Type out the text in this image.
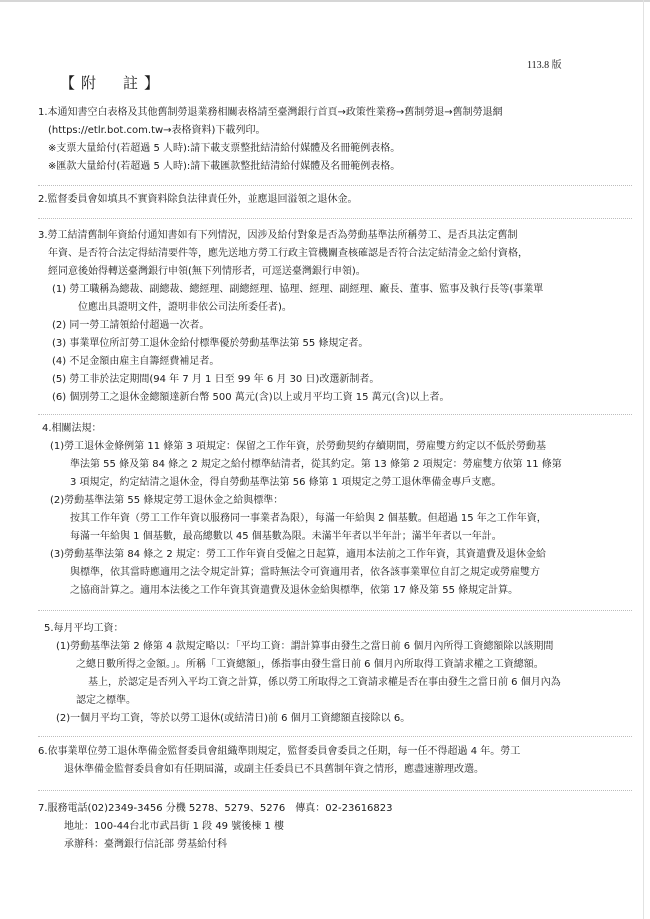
113.8 版
【附　註】
1.本通知書空白表格及其他舊制勞退業務相關表格請至臺灣銀行首頁→政策性業務→舊制勞退→舊制勞退網
(https://etlr.bot.com.tw→表格資料)下載列印。
※支票大量給付(若超過 5 人時):請下載支票整批結清給付媒體及名冊範例表格。
※匯款大量給付(若超過 5 人時):請下載匯款整批結清給付媒體及名冊範例表格。
2.監督委員會如填具不實資料除負法律責任外，並應退回溢領之退休金。
3.勞工結清舊制年資給付通知書如有下列情況，因涉及給付對象是否為勞動基準法所稱勞工、是否具法定舊制
年資、是否符合法定得結清要件等，應先送地方勞工行政主管機關查核確認是否符合法定結清金之給付資格，
經同意後始得轉送臺灣銀行申領(無下列情形者，可逕送臺灣銀行申領)。
(1) 勞工職稱為總裁、副總裁、總經理、副總經理、協理、經理、副經理、廠長、董事、監事及執行長等(事業單
位應出具證明文件，證明非依公司法所委任者)。
(2) 同一勞工請領給付超過一次者。
(3) 事業單位所訂勞工退休金給付標準優於勞動基準法第 55 條規定者。
(4) 不足金額由雇主自籌經費補足者。
(5) 勞工非於法定期間(94 年 7 月 1 日至 99 年 6 月 30 日)改選新制者。
(6) 個別勞工之退休金總額達新台幣 500 萬元(含)以上或月平均工資 15 萬元(含)以上者。
4.相關法規：
(1)勞工退休金條例第 11 條第 3 項規定：保留之工作年資，於勞動契約存續期間，勞雇雙方約定以不低於勞動基
準法第 55 條及第 84 條之 2 規定之給付標準結清者，從其約定。第 13 條第 2 項規定：勞雇雙方依第 11 條第
3 項規定，約定結清之退休金，得自勞動基準法第 56 條第 1 項規定之勞工退休準備金專戶支應。
(2)勞動基準法第 55 條規定勞工退休金之給與標準：
按其工作年資（勞工工作年資以服務同一事業者為限），每滿一年給與 2 個基數。但超過 15 年之工作年資，
每滿一年給與 1 個基數，最高總數以 45 個基數為限。未滿半年者以半年計；滿半年者以一年計。
(3)勞動基準法第 84 條之 2 規定：勞工工作年資自受僱之日起算，適用本法前之工作年資，其資遣費及退休金給
與標準，依其當時應適用之法令規定計算；當時無法令可資適用者，依各該事業單位自訂之規定或勞雇雙方
之協商計算之。適用本法後之工作年資其資遣費及退休金給與標準，依第 17 條及第 55 條規定計算。
5.每月平均工資：
(1)勞動基準法第 2 條第 4 款規定略以：「平均工資：謂計算事由發生之當日前 6 個月內所得工資總額除以該期間
之總日數所得之金額。」。所稱「工資總額」，係指事由發生當日前 6 個月內所取得工資請求權之工資總額。
基上，於認定是否列入平均工資之計算，係以勞工所取得之工資請求權是否在事由發生之當日前 6 個月內為
認定之標準。
(2)一個月平均工資，等於以勞工退休(或結清日)前 6 個月工資總額直接除以 6。
6.依事業單位勞工退休準備金監督委員會組織準則規定，監督委員會委員之任期，每一任不得超過 4 年。勞工
退休準備金監督委員會如有任期屆滿，或副主任委員已不具舊制年資之情形，應盡速辦理改選。
7.服務電話(02)2349-3456 分機 5278、5279、5276　傳真：02-23616823
地址：100-44台北市武昌街 1 段 49 號後棟 1 樓
承辦科：臺灣銀行信託部 勞基給付科
